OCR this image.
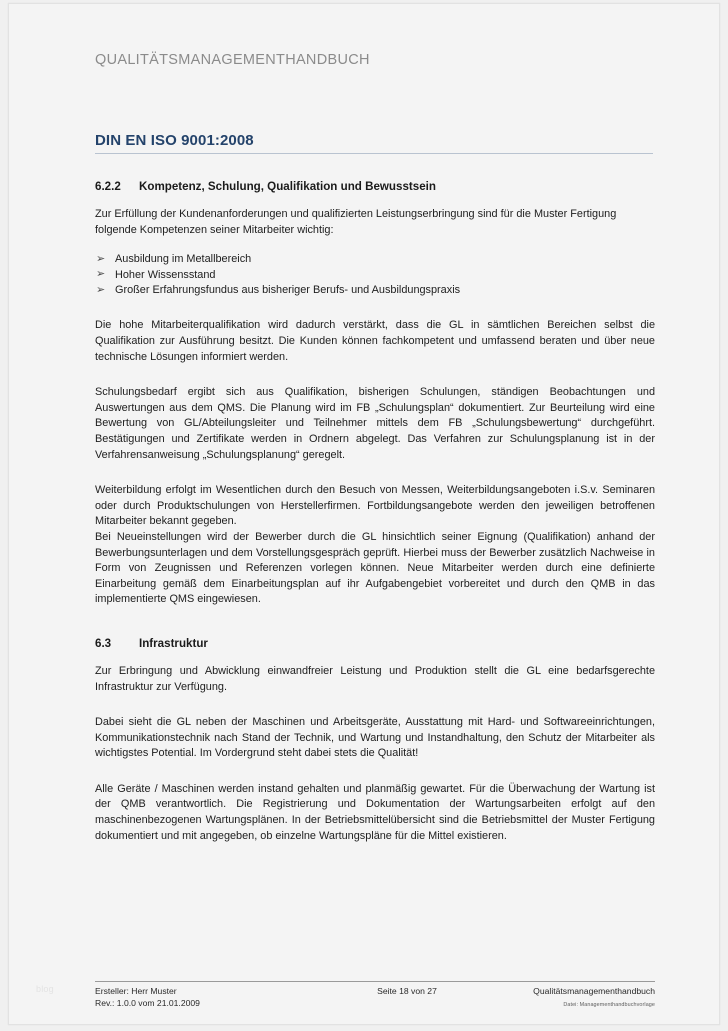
QUALITÄTSMANAGEMENTHANDBUCH
DIN EN ISO 9001:2008
6.2.2	Kompetenz, Schulung, Qualifikation und Bewusstsein

Zur Erfüllung der Kundenanforderungen und qualifizierten Leistungserbringung sind für die Muster Fertigung folgende Kompetenzen seiner Mitarbeiter wichtig:

➢ Ausbildung im Metallbereich
➢ Hoher Wissensstand
➢ Großer Erfahrungsfundus aus bisheriger Berufs- und Ausbildungspraxis

Die hohe Mitarbeiterqualifikation wird dadurch verstärkt, dass die GL in sämtlichen Bereichen selbst die Qualifikation zur Ausführung besitzt. Die Kunden können fachkompetent und umfassend beraten und über neue technische Lösungen informiert werden.

Schulungsbedarf ergibt sich aus Qualifikation, bisherigen Schulungen, ständigen Beobachtungen und Auswertungen aus dem QMS. Die Planung wird im FB „Schulungsplan“ dokumentiert. Zur Beurteilung wird eine Bewertung von GL/Abteilungsleiter und Teilnehmer mittels dem FB „Schulungsbewertung“ durchgeführt. Bestätigungen und Zertifikate werden in Ordnern abgelegt. Das Verfahren zur Schulungsplanung ist in der Verfahrensanweisung „Schulungsplanung“ geregelt.

Weiterbildung erfolgt im Wesentlichen durch den Besuch von Messen, Weiterbildungsangeboten i.S.v. Seminaren oder durch Produktschulungen von Herstellerfirmen. Fortbildungsangebote werden den jeweiligen betroffenen Mitarbeiter bekannt gegeben.

Bei Neueinstellungen wird der Bewerber durch die GL hinsichtlich seiner Eignung (Qualifikation) anhand der Bewerbungsunterlagen und dem Vorstellungsgespräch geprüft. Hierbei muss der Bewerber zusätzlich Nachweise in Form von Zeugnissen und Referenzen vorlegen können. Neue Mitarbeiter werden durch eine definierte Einarbeitung gemäß dem Einarbeitungsplan auf ihr Aufgabengebiet vorbereitet und durch den QMB in das implementierte QMS eingewiesen.

6.3	Infrastruktur

Zur Erbringung und Abwicklung einwandfreier Leistung und Produktion stellt die GL eine bedarfsgerechte Infrastruktur zur Verfügung.

Dabei sieht die GL neben der Maschinen und Arbeitsgeräte, Ausstattung mit Hard- und Softwareeinrichtungen, Kommunikationstechnik nach Stand der Technik, und Wartung und Instandhaltung, den Schutz der Mitarbeiter als wichtigstes Potential. Im Vordergrund steht dabei stets die Qualität!

Alle Geräte / Maschinen werden instand gehalten und planmäßig gewartet. Für die Überwachung der Wartung ist der QMB verantwortlich. Die Registrierung und Dokumentation der Wartungsarbeiten erfolgt auf den maschinenbezogenen Wartungsplänen. In der Betriebsmittelübersicht sind die Betriebsmittel der Muster Fertigung dokumentiert und mit angegeben, ob einzelne Wartungspläne für die Mittel existieren.

Ersteller: Herr Muster
Rev.: 1.0.0 vom 21.01.2009
Seite 18 von 27	Qualitätsmanagementhandbuch
Datei: Managementhandbuchvorlage
blog
